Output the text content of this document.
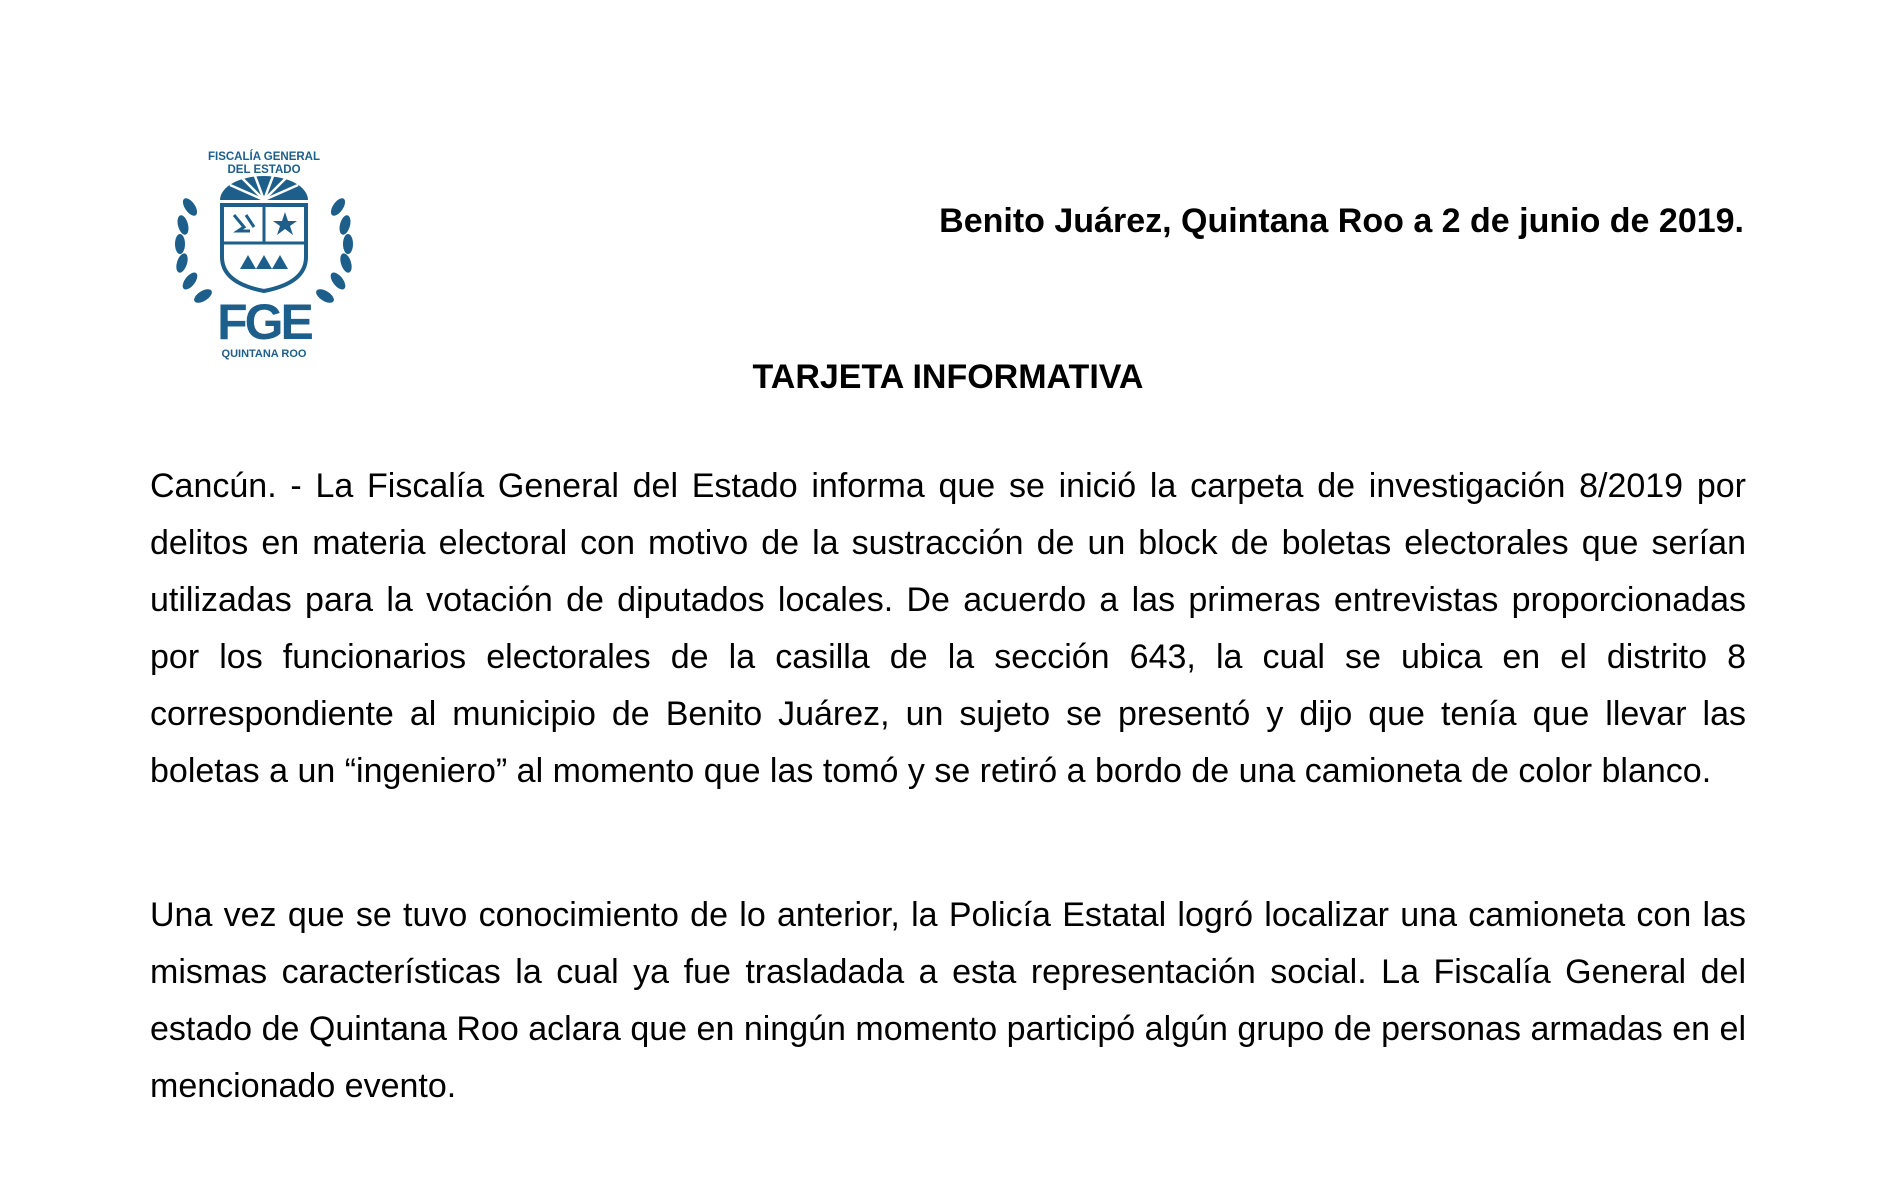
FISCALÍA GENERAL
DEL ESTADO
FGE
QUINTANA ROO
Benito Juárez, Quintana Roo a 2 de junio de 2019.
TARJETA INFORMATIVA

Cancún. - La Fiscalía General del Estado informa que se inició la carpeta de investigación 8/2019 por delitos en materia electoral con motivo de la sustracción de un block de boletas electorales que serían utilizadas para la votación de diputados locales. De acuerdo a las primeras entrevistas proporcionadas por los funcionarios electorales de la casilla de la sección 643, la cual se ubica en el distrito 8 correspondiente al municipio de Benito Juárez, un sujeto se presentó y dijo que tenía que llevar las boletas a un “ingeniero” al momento que las tomó y se retiró a bordo de una camioneta de color blanco.

Una vez que se tuvo conocimiento de lo anterior, la Policía Estatal logró localizar una camioneta con las mismas características la cual ya fue trasladada a esta representación social. La Fiscalía General del estado de Quintana Roo aclara que en ningún momento participó algún grupo de personas armadas en el mencionado evento.
